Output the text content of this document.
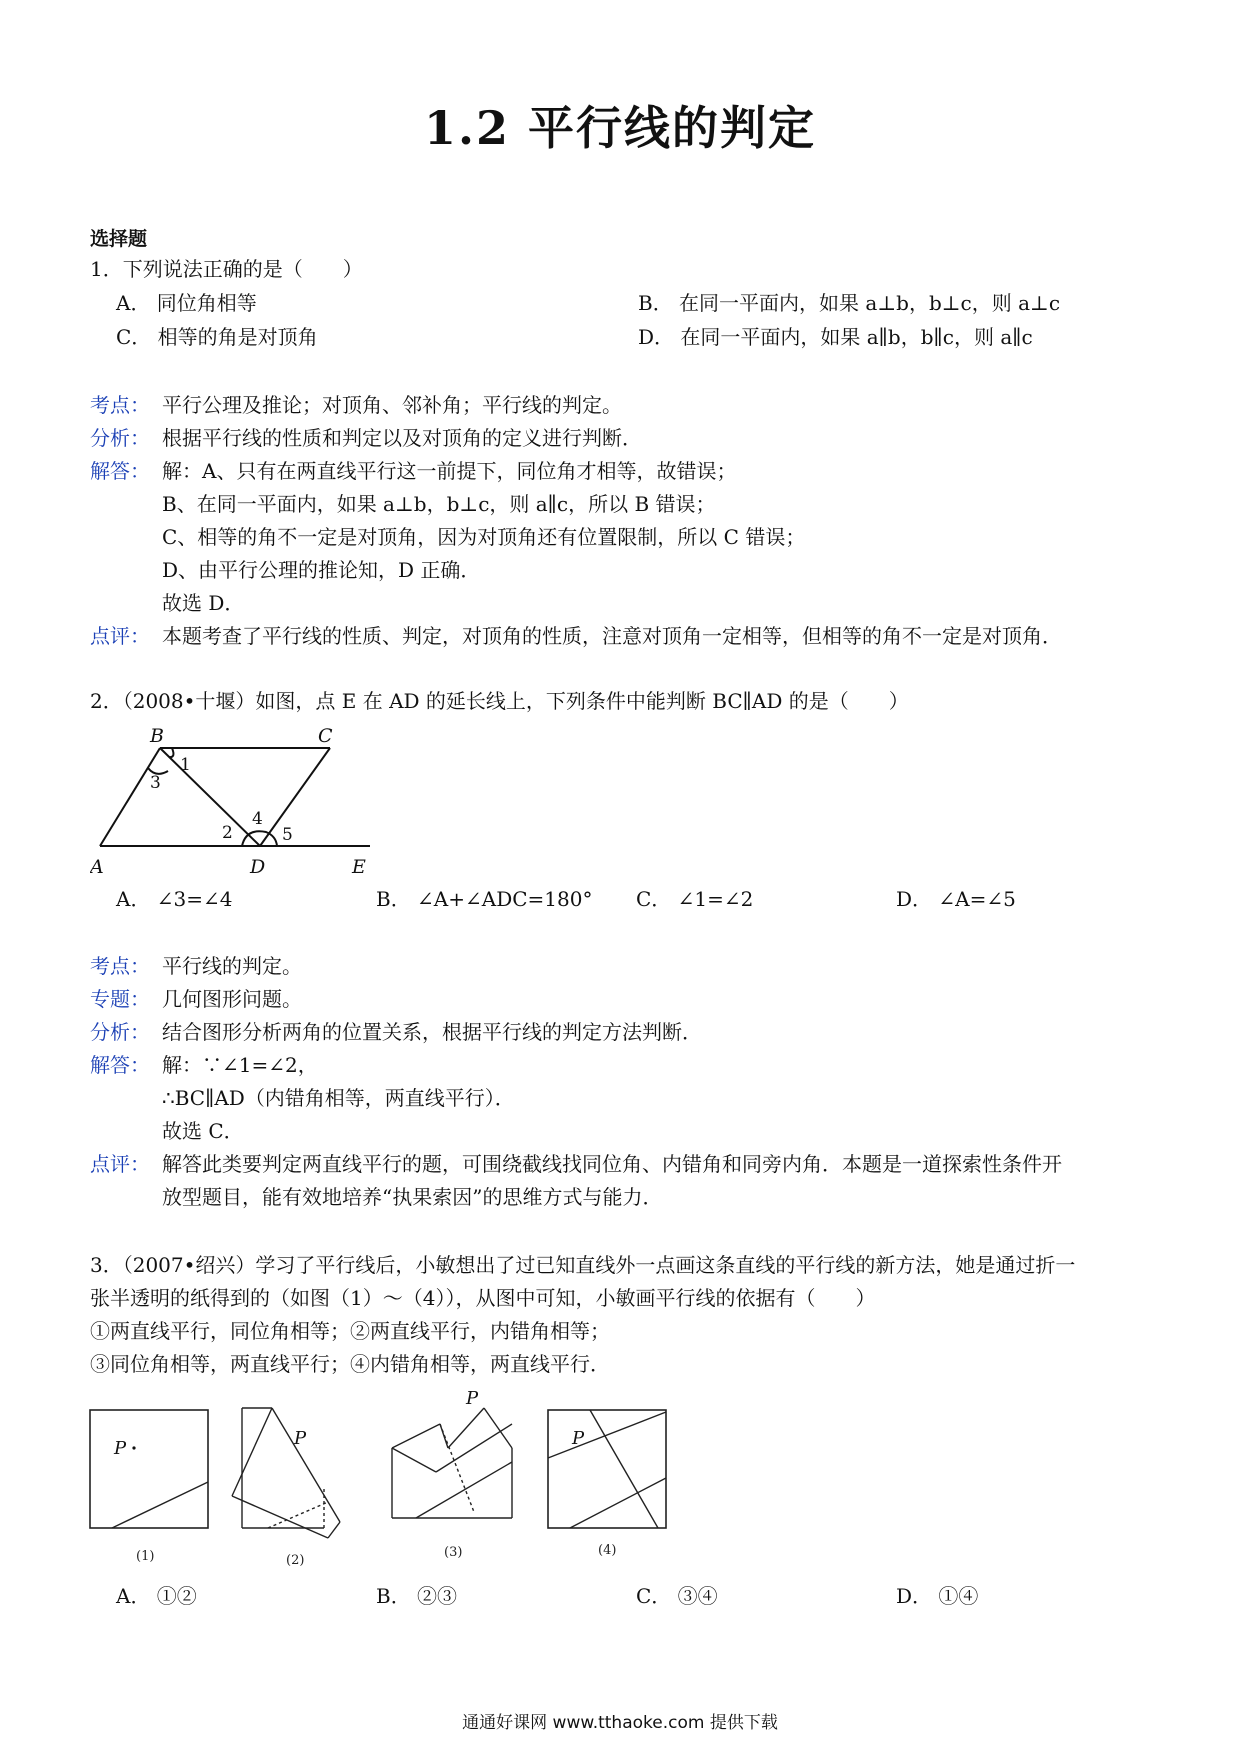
1.2 平行线的判定
选择题
1．下列说法正确的是（　　）
A． 同位角相等	B． 在同一平面内，如果 a⊥b，b⊥c，则 a⊥c
C． 相等的角是对顶角	D． 在同一平面内，如果 a∥b，b∥c，则 a∥c
考点： 平行公理及推论；对顶角、邻补角；平行线的判定。
分析： 根据平行线的性质和判定以及对顶角的定义进行判断．
解答： 解：A、只有在两直线平行这一前提下，同位角才相等，故错误；
B、在同一平面内，如果 a⊥b，b⊥c，则 a∥c，所以 B 错误；
C、相等的角不一定是对顶角，因为对顶角还有位置限制，所以 C 错误；
D、由平行公理的推论知，D 正确．
故选 D．
点评： 本题考查了平行线的性质、判定，对顶角的性质，注意对顶角一定相等，但相等的角不一定是对顶角．
2．（2008•十堰）如图，点 E 在 AD 的延长线上，下列条件中能判断 BC∥AD 的是（　　）
B	C
A	D	E
1
2
3
4
5
A． ∠3=∠4	B． ∠A+∠ADC=180° C． ∠1=∠2	D． ∠A=∠5
考点： 平行线的判定。
专题： 几何图形问题。
分析： 结合图形分析两角的位置关系，根据平行线的判定方法判断．
解答： 解：∵∠1=∠2，
∴BC∥AD（内错角相等，两直线平行）．
故选 C．
点评： 解答此类要判定两直线平行的题，可围绕截线找同位角、内错角和同旁内角．本题是一道探索性条件开
放型题目，能有效地培养“执果索因”的思维方式与能力．
3．（2007•绍兴）学习了平行线后，小敏想出了过已知直线外一点画这条直线的平行线的新方法，她是通过折一
张半透明的纸得到的（如图（1）～（4）），从图中可知，小敏画平行线的依据有（　　）
①两直线平行，同位角相等；②两直线平行，内错角相等；
③同位角相等，两直线平行；④内错角相等，两直线平行．
P
(1)
P
(2)
P
(3)
P
(4)
A． ①②	B． ②③	C． ③④	D． ①④
通通好课网 www.tthaoke.com 提供下载
